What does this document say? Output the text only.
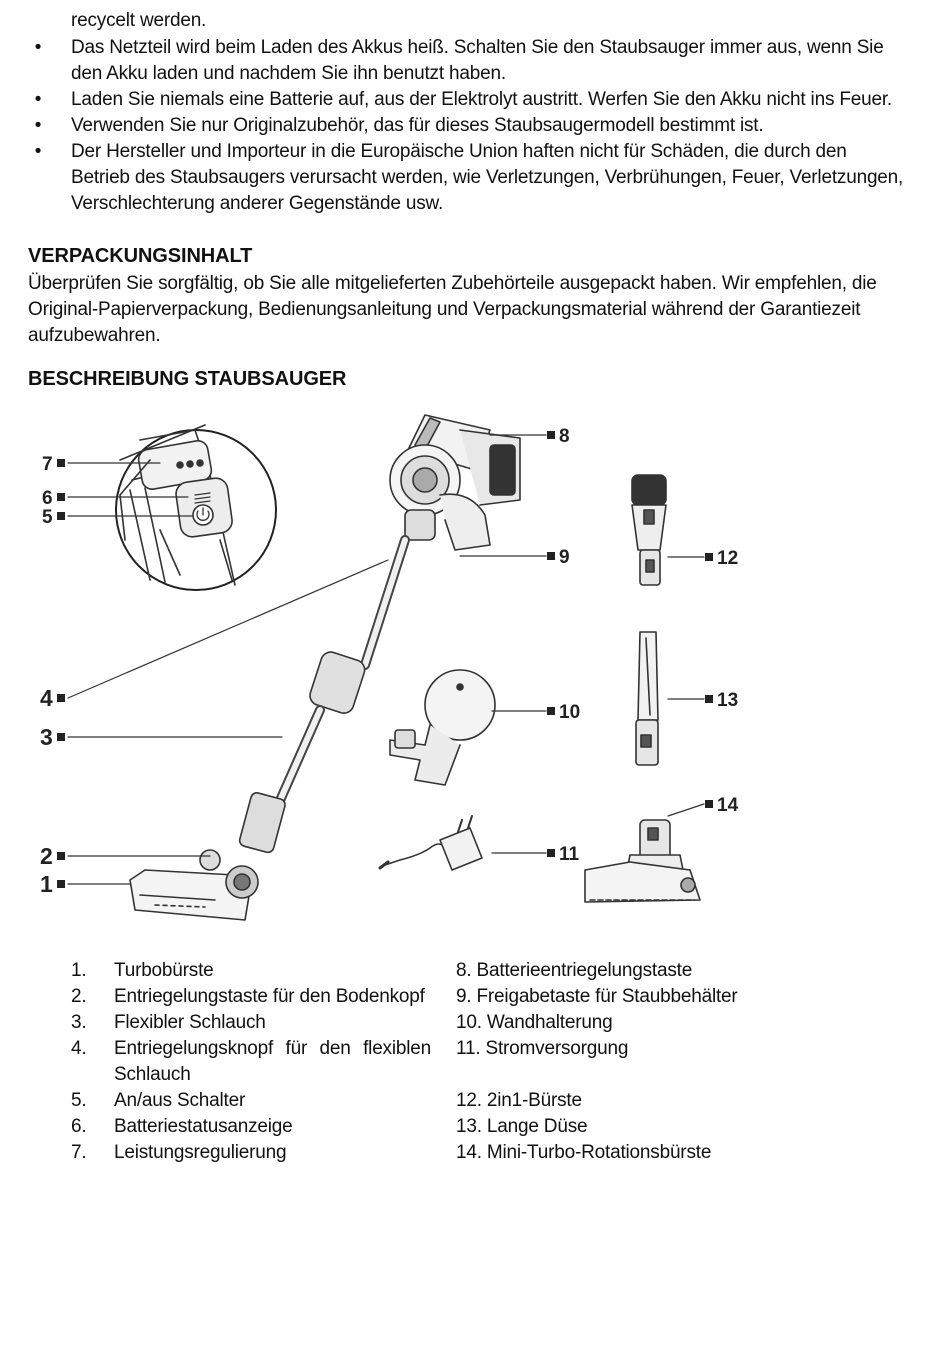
recycelt werden.
•	Das Netzteil wird beim Laden des Akkus heiß. Schalten Sie den Staubsauger immer aus, wenn Sie den Akku laden und nachdem Sie ihn benutzt haben.
•	Laden Sie niemals eine Batterie auf, aus der Elektrolyt austritt. Werfen Sie den Akku nicht ins Feuer.
•	Verwenden Sie nur Originalzubehör, das für dieses Staubsaugermodell bestimmt ist.
•	Der Hersteller und Importeur in die Europäische Union haften nicht für Schäden, die durch den Betrieb des Staubsaugers verursacht werden, wie Verletzungen, Verbrühungen, Feuer, Verletzungen, Verschlechterung anderer Gegenstände usw.
VERPACKUNGSINHALT

Überprüfen Sie sorgfältig, ob Sie alle mitgelieferten Zubehörteile ausgepackt haben. Wir empfehlen, die Original-Papierverpackung, Bedienungsanleitung und Verpackungsmaterial während der Garantiezeit aufzubewahren.

BESCHREIBUNG STAUBSAUGER
7
6
5
4
3
2
1
8
9
10
11
12
13
14
1. Turbobürste
2. Entriegelungstaste für den Bodenkopf
3. Flexibler Schlauch
4. Entriegelungsknopf für den flexiblen Schlauch
5. An/aus Schalter
6. Batteriestatusanzeige
7. Leistungsregulierung
8. Batterieentriegelungstaste
9. Freigabetaste für Staubbehälter
10. Wandhalterung
11. Stromversorgung
12. 2in1-Bürste
13. Lange Düse
14. Mini-Turbo-Rotationsbürste
